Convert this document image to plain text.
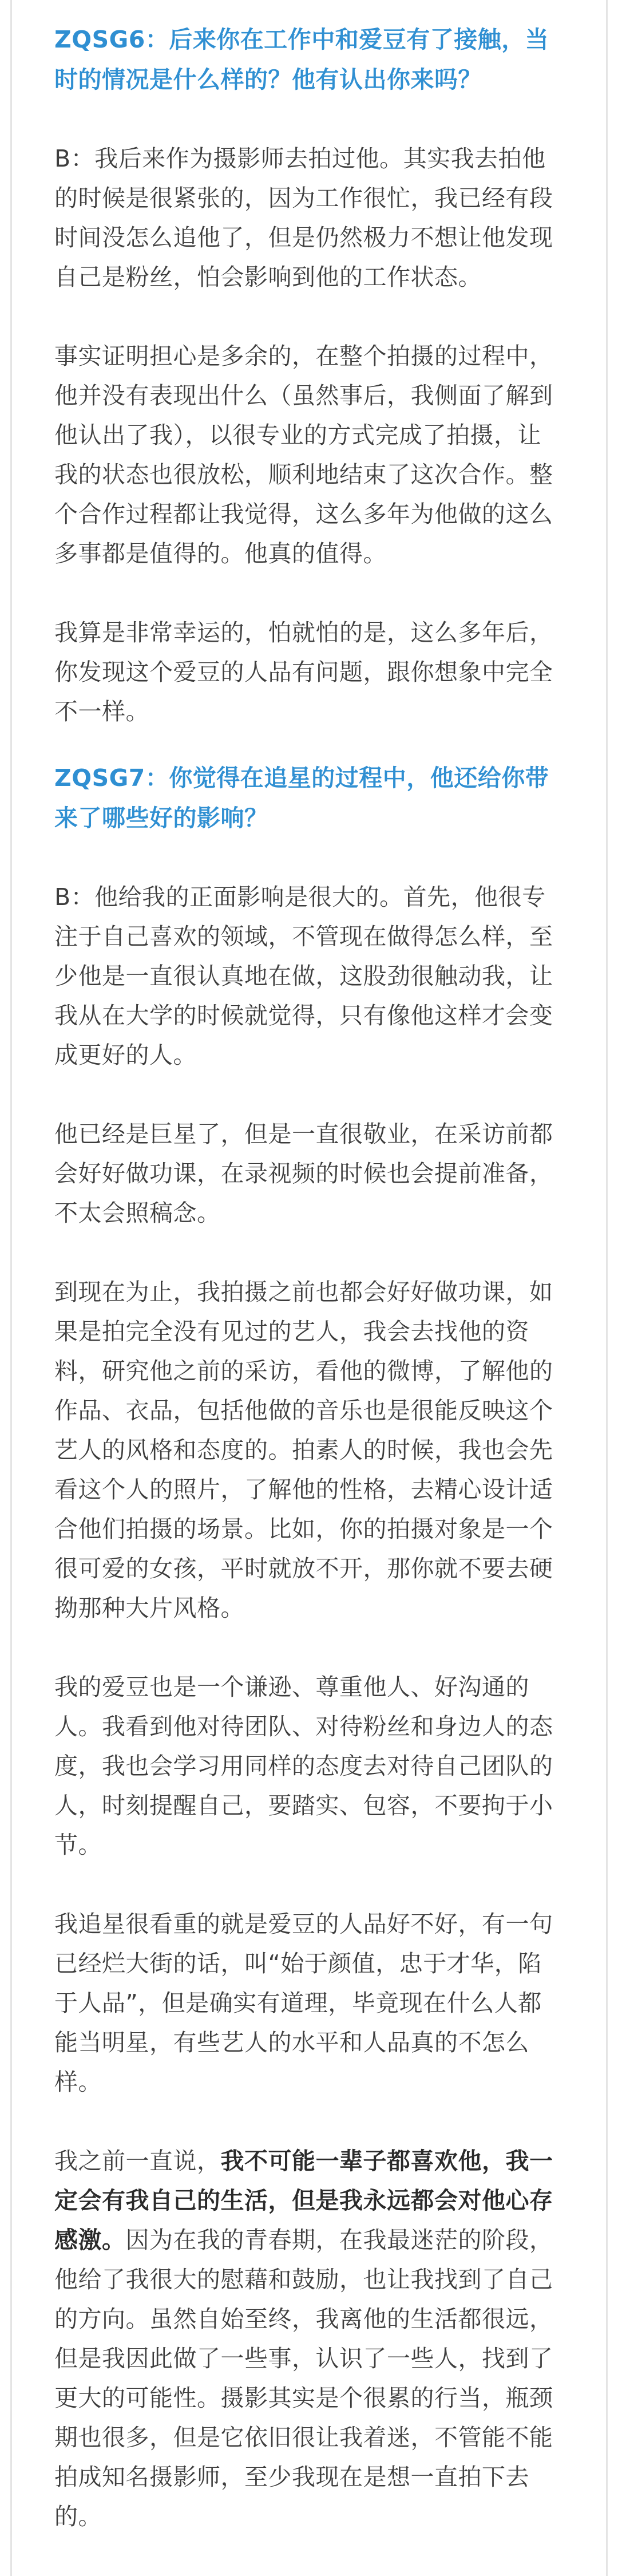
ZQSG6：后来你在工作中和爱豆有了接触，当时的情况是什么样的？他有认出你来吗？

B：我后来作为摄影师去拍过他。其实我去拍他的时候是很紧张的，因为工作很忙，我已经有段时间没怎么追他了，但是仍然极力不想让他发现自己是粉丝，怕会影响到他的工作状态。

事实证明担心是多余的，在整个拍摄的过程中，他并没有表现出什么（虽然事后，我侧面了解到他认出了我），以很专业的方式完成了拍摄，让我的状态也很放松，顺利地结束了这次合作。整个合作过程都让我觉得，这么多年为他做的这么多事都是值得的。他真的值得。

我算是非常幸运的，怕就怕的是，这么多年后，你发现这个爱豆的人品有问题，跟你想象中完全不一样。

ZQSG7：你觉得在追星的过程中，他还给你带来了哪些好的影响？

B：他给我的正面影响是很大的。首先，他很专注于自己喜欢的领域，不管现在做得怎么样，至少他是一直很认真地在做，这股劲很触动我，让我从在大学的时候就觉得，只有像他这样才会变成更好的人。

他已经是巨星了，但是一直很敬业，在采访前都会好好做功课，在录视频的时候也会提前准备，不太会照稿念。

到现在为止，我拍摄之前也都会好好做功课，如果是拍完全没有见过的艺人，我会去找他的资料，研究他之前的采访，看他的微博，了解他的作品、衣品，包括他做的音乐也是很能反映这个艺人的风格和态度的。拍素人的时候，我也会先看这个人的照片，了解他的性格，去精心设计适合他们拍摄的场景。比如，你的拍摄对象是一个很可爱的女孩，平时就放不开，那你就不要去硬拗那种大片风格。

我的爱豆也是一个谦逊、尊重他人、好沟通的人。我看到他对待团队、对待粉丝和身边人的态度，我也会学习用同样的态度去对待自己团队的人，时刻提醒自己，要踏实、包容，不要拘于小节。

我追星很看重的就是爱豆的人品好不好，有一句已经烂大街的话，叫“始于颜值，忠于才华，陷于人品”，但是确实有道理，毕竟现在什么人都能当明星，有些艺人的水平和人品真的不怎么样。

我之前一直说，我不可能一辈子都喜欢他，我一定会有我自己的生活，但是我永远都会对他心存感激。因为在我的青春期，在我最迷茫的阶段，他给了我很大的慰藉和鼓励，也让我找到了自己的方向。虽然自始至终，我离他的生活都很远，但是我因此做了一些事，认识了一些人，找到了更大的可能性。摄影其实是个很累的行当，瓶颈期也很多，但是它依旧很让我着迷，不管能不能拍成知名摄影师，至少我现在是想一直拍下去的。
